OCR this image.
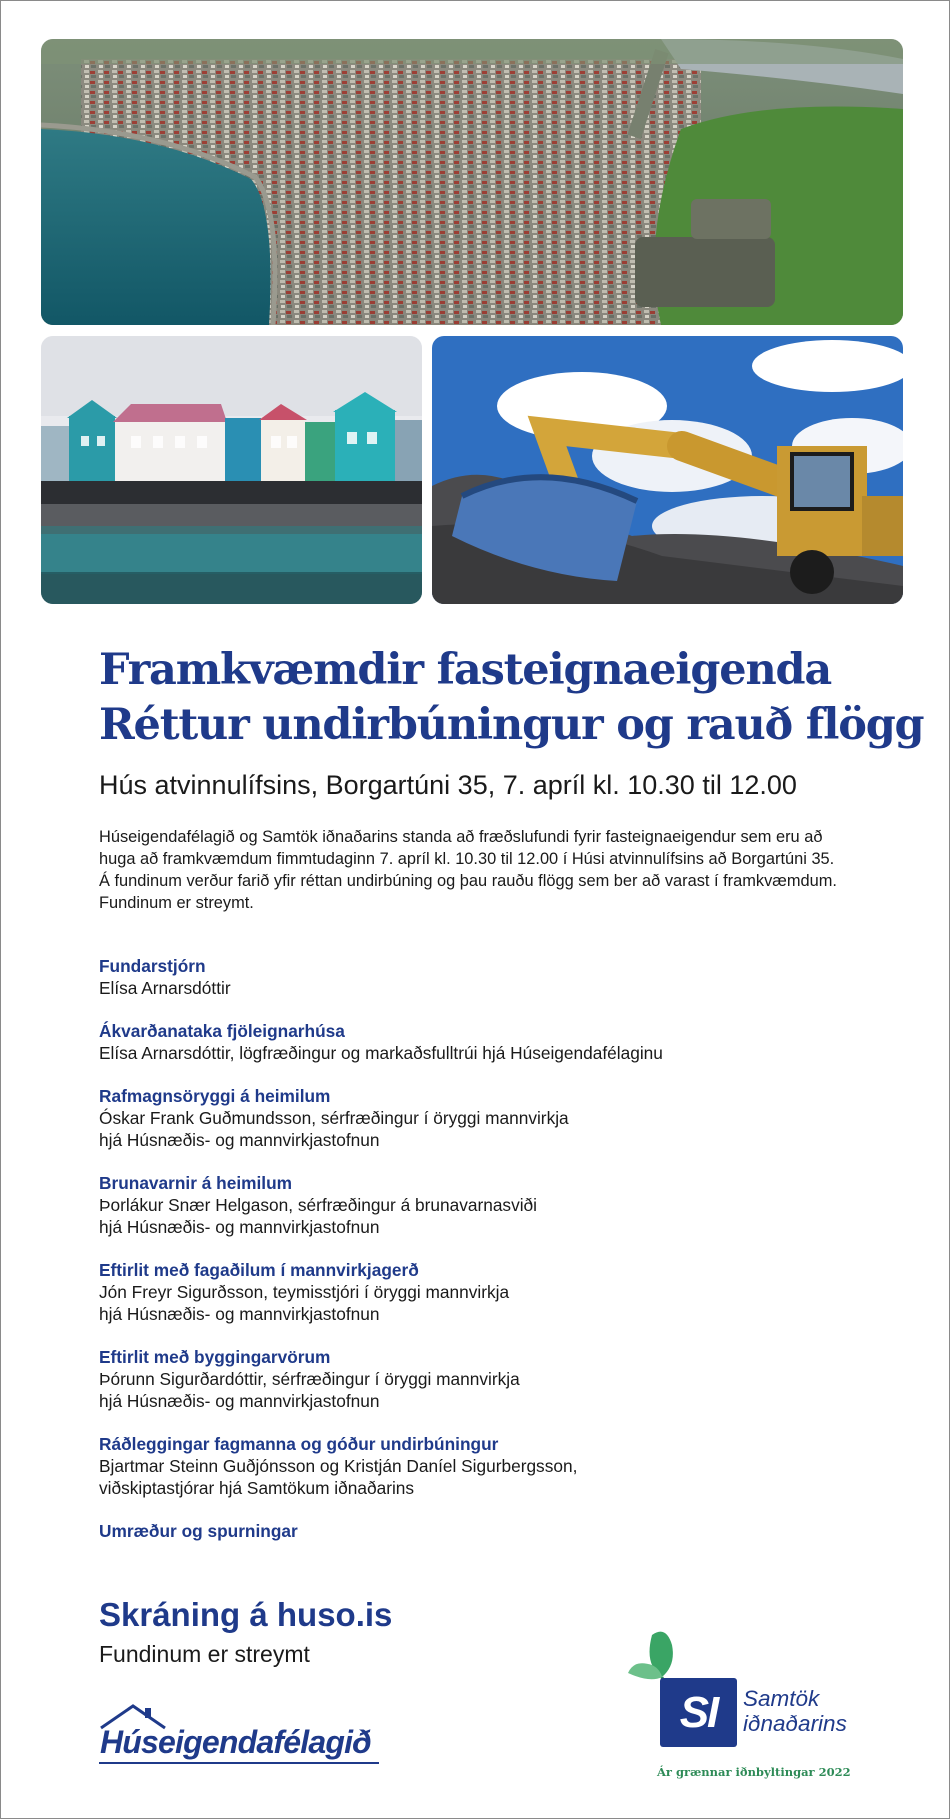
Framkvæmdir fasteignaeigenda
Réttur undirbúningur og rauð flögg

Hús atvinnulífsins, Borgartúni 35, 7. apríl kl. 10.30 til 12.00

Húseigendafélagið og Samtök iðnaðarins standa að fræðslufundi fyrir fasteignaeigendur sem eru að huga að framkvæmdum fimmtudaginn 7. apríl kl. 10.30 til 12.00 í Húsi atvinnulífsins að Borgartúni 35. Á fundinum verður farið yfir réttan undirbúning og þau rauðu flögg sem ber að varast í framkvæmdum. Fundinum er streymt.

Fundarstjórn
Elísa Arnarsdóttir
Ákvarðanataka fjöleignarhúsa
Elísa Arnarsdóttir, lögfræðingur og markaðsfulltrúi hjá Húseigendafélaginu
Rafmagnsöryggi á heimilum
Óskar Frank Guðmundsson, sérfræðingur í öryggi mannvirkja
hjá Húsnæðis- og mannvirkjastofnun
Brunavarnir á heimilum
Þorlákur Snær Helgason, sérfræðingur á brunavarnasviði
hjá Húsnæðis- og mannvirkjastofnun
Eftirlit með fagaðilum í mannvirkjagerð
Jón Freyr Sigurðsson, teymisstjóri í öryggi mannvirkja
hjá Húsnæðis- og mannvirkjastofnun
Eftirlit með byggingarvörum
Þórunn Sigurðardóttir, sérfræðingur í öryggi mannvirkja
hjá Húsnæðis- og mannvirkjastofnun
Ráðleggingar fagmanna og góður undirbúningur
Bjartmar Steinn Guðjónsson og Kristján Daníel Sigurbergsson,
viðskiptastjórar hjá Samtökum iðnaðarins
Umræður og spurningar

Skráning á huso.is

Fundinum er streymt

Húseigendafélagið

SI	Samtök
iðnaðarins

Ár grænnar iðnbyltingar 2022
